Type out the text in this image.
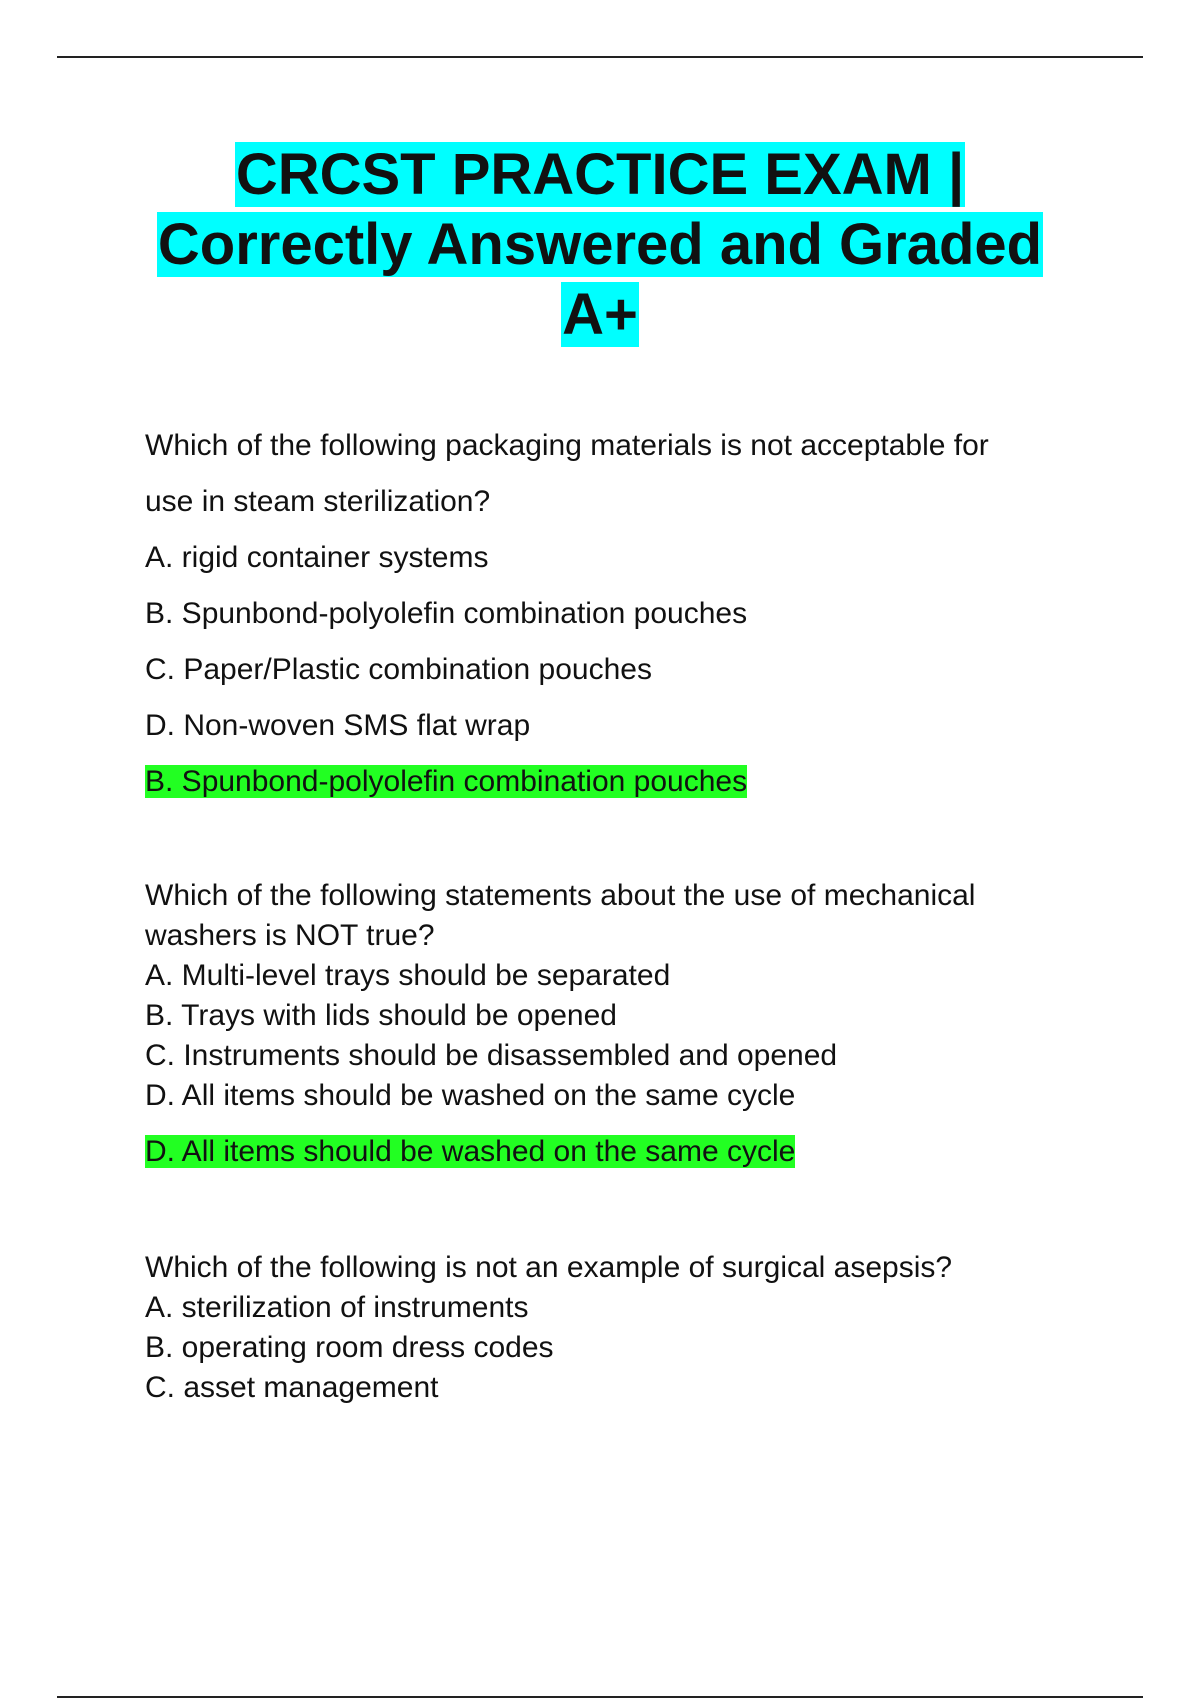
CRCST PRACTICE EXAM |
Correctly Answered and Graded
A+

Which of the following packaging materials is not acceptable for

use in steam sterilization?

A. rigid container systems

B. Spunbond-polyolefin combination pouches

C. Paper/Plastic combination pouches

D. Non-woven SMS flat wrap

B. Spunbond-polyolefin combination pouches

Which of the following statements about the use of mechanical

washers is NOT true?

A. Multi-level trays should be separated

B. Trays with lids should be opened

C. Instruments should be disassembled and opened

D. All items should be washed on the same cycle

D. All items should be washed on the same cycle

Which of the following is not an example of surgical asepsis?

A. sterilization of instruments

B. operating room dress codes

C. asset management
